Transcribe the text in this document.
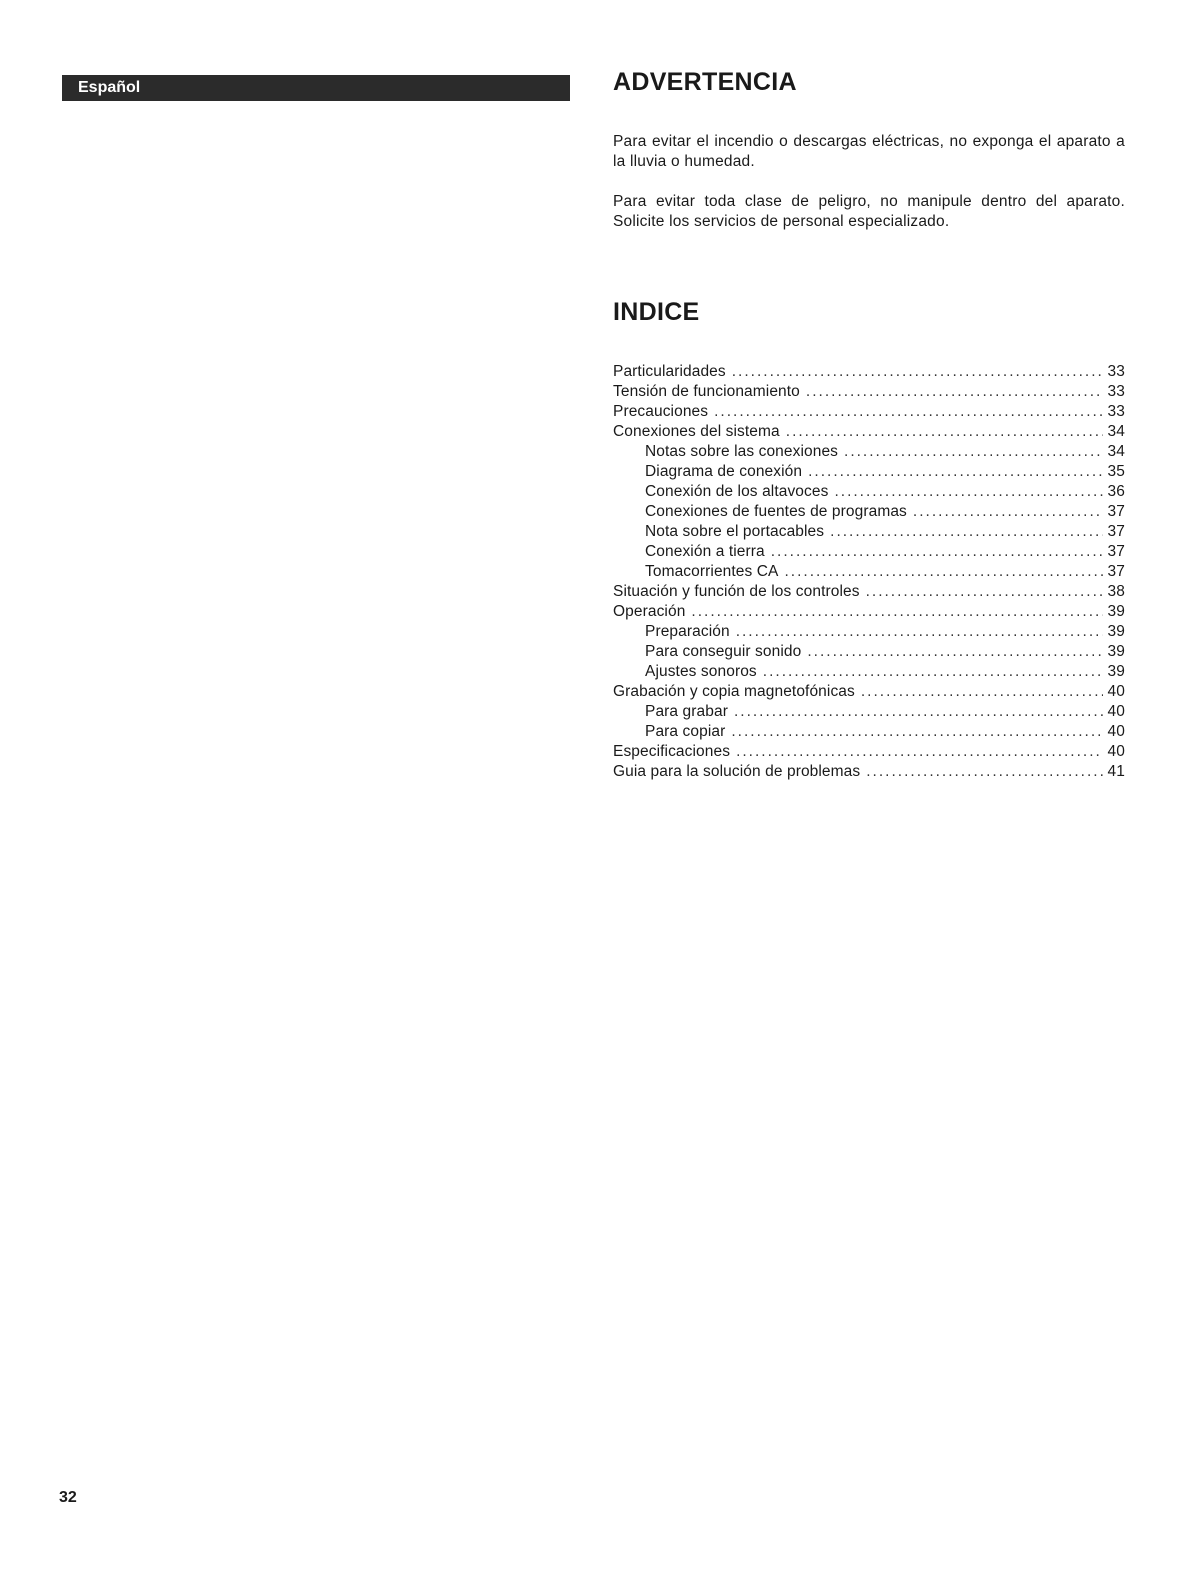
Español	ADVERTENCIA

Para evitar el incendio o descargas eléctricas, no exponga el aparato a la lluvia o humedad.

Para evitar toda clase de peligro, no manipule dentro del aparato. Solicite los servicios de personal especializado.

INDICE
Particularidades .....	33
Tensión de funcionamiento .....	33
Precauciones .....	33
Conexiones del sistema .....	34
Notas sobre las conexiones .....	34
Diagrama de conexión .....	35
Conexión de los altavoces .....	36
Conexiones de fuentes de programas .....	37
Nota sobre el portacables .....	37
Conexión a tierra .....	37
Tomacorrientes CA .....	37
Situación y función de los controles .....	38
Operación .....	39
Preparación .....	39
Para conseguir sonido .....	39
Ajustes sonoros .....	39
Grabación y copia magnetofónicas .....	40
Para grabar .....	40
Para copiar .....	40
Especificaciones .....	40
Guia para la solución de problemas .....	41
32
